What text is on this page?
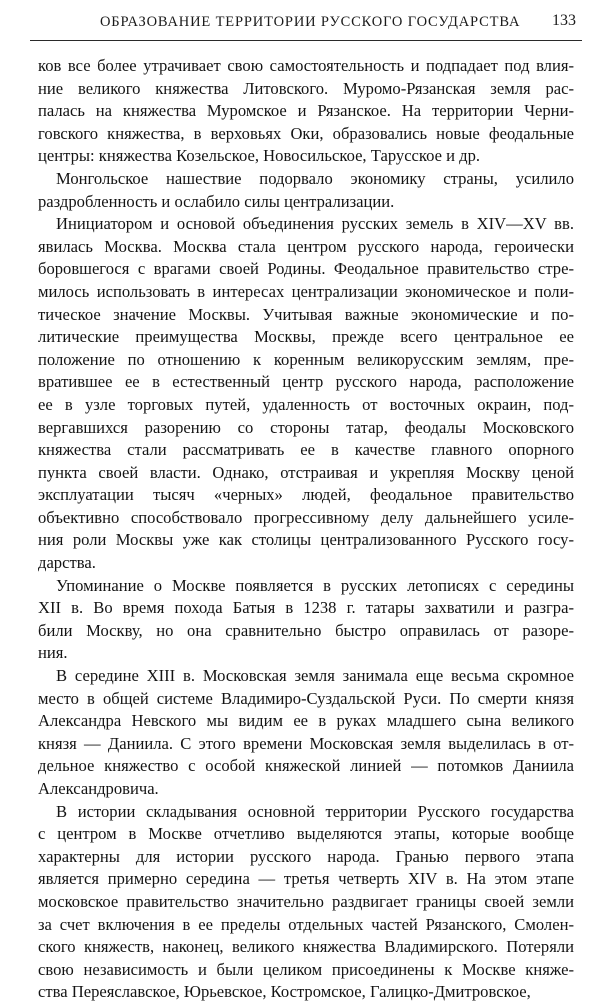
ОБРАЗОВАНИЕ ТЕРРИТОРИИ РУССКОГО ГОСУДАРСТВА 133
ков все более утрачивает свою самостоятельность и подпадает под влия-
ние великого княжества Литовского. Муромо-Рязанская земля рас-
палась на княжества Муромское и Рязанское. На территории Черни-
говского княжества, в верховьях Оки, образовались новые феодальные
центры: княжества Козельское, Новосильское, Тарусское и др.
Монгольское нашествие подорвало экономику страны, усилило
раздробленность и ослабило силы централизации.
Инициатором и основой объединения русских земель в XIV—XV вв.
явилась Москва. Москва стала центром русского народа, героически
боровшегося с врагами своей Родины. Феодальное правительство стре-
милось использовать в интересах централизации экономическое и поли-
тическое значение Москвы. Учитывая важные экономические и по-
литические преимущества Москвы, прежде всего центральное ее
положение по отношению к коренным великорусским землям, пре-
вратившее ее в естественный центр русского народа, расположение
ее в узле торговых путей, удаленность от восточных окраин, под-
вергавшихся разорению со стороны татар, феодалы Московского
княжества стали рассматривать ее в качестве главного опорного
пункта своей власти. Однако, отстраивая и укрепляя Москву ценой
эксплуатации тысяч «черных» людей, феодальное правительство
объективно способствовало прогрессивному делу дальнейшего усиле-
ния роли Москвы уже как столицы централизованного Русского госу-
дарства.
Упоминание о Москве появляется в русских летописях с середины
XII в. Во время похода Батыя в 1238 г. татары захватили и разгра-
били Москву, но она сравнительно быстро оправилась от разоре-
ния.
В середине XIII в. Московская земля занимала еще весьма скромное
место в общей системе Владимиро-Суздальской Руси. По смерти князя
Александра Невского мы видим ее в руках младшего сына великого
князя — Даниила. С этого времени Московская земля выделилась в от-
дельное княжество с особой княжеской линией — потомков Даниила
Александровича.
В истории складывания основной территории Русского государства
с центром в Москве отчетливо выделяются этапы, которые вообще
характерны для истории русского народа. Гранью первого этапа
является примерно середина — третья четверть XIV в. На этом этапе
московское правительство значительно раздвигает границы своей земли
за счет включения в ее пределы отдельных частей Рязанского, Смолен-
ского княжеств, наконец, великого княжества Владимирского. Потеряли
свою независимость и были целиком присоединены к Москве княже-
ства Переяславское, Юрьевское, Костромское, Галицко-Дмитровское,
